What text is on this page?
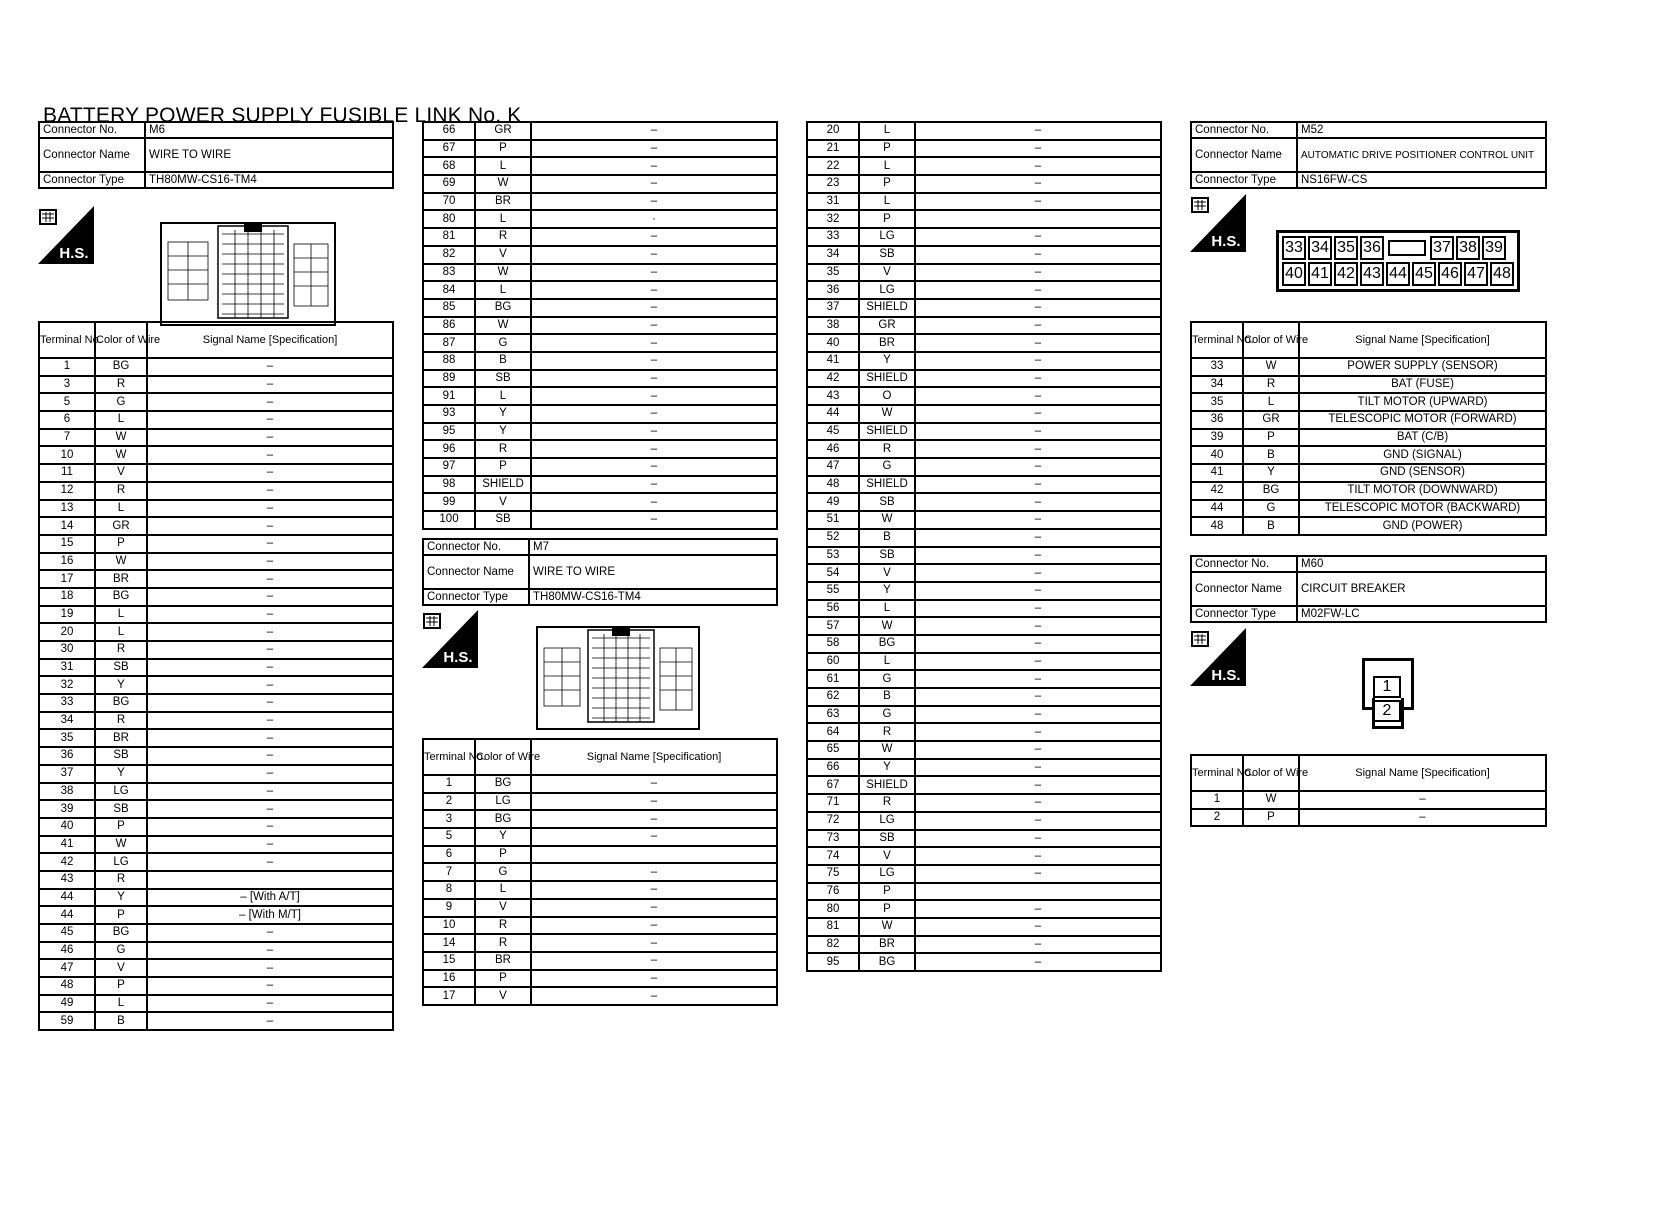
BATTERY POWER SUPPLY FUSIBLE LINK No. K
Connector No.	M6
Connector Name	WIRE TO WIRE
Connector Type	TH80MW-CS16-TM4
H.S.
Terminal No.	Color of Wire	Signal Name [Specification]
1	BG	–
3	R	–
5	G	–
6	L	–
7	W	–
10	W	–
11	V	–
12	R	–
13	L	–
14	GR	–
15	P	–
16	W	–
17	BR	–
18	BG	–
19	L	–
20	L	–
30	R	–
31	SB	–
32	Y	–
33	BG	–
34	R	–
35	BR	–
36	SB	–
37	Y	–
38	LG	–
39	SB	–
40	P	–
41	W	–
42	LG	–
43	R	
44	Y	– [With A/T]
44	P	– [With M/T]
45	BG	–
46	G	–
47	V	–
48	P	–
49	L	–
59	B	–
66	GR	–
67	P	–
68	L	–
69	W	–
70	BR	–
80	L	·
81	R	–
82	V	–
83	W	–
84	L	–
85	BG	–
86	W	–
87	G	–
88	B	–
89	SB	–
91	L	–
93	Y	–
95	Y	–
96	R	–
97	P	–
98	SHIELD	–
99	V	–
100	SB	–
Connector No.	M7
Connector Name	WIRE TO WIRE
Connector Type	TH80MW-CS16-TM4
H.S.
Terminal No.	Color of Wire	Signal Name [Specification]
1	BG	–
2	LG	–
3	BG	–
5	Y	–
6	P	
7	G	–
8	L	–
9	V	–
10	R	–
14	R	–
15	BR	–
16	P	–
17	V	–
20	L	–
21	P	–
22	L	–
23	P	–
31	L	–
32	P	
33	LG	–
34	SB	–
35	V	–
36	LG	–
37	SHIELD	–
38	GR	–
40	BR	–
41	Y	–
42	SHIELD	–
43	O	–
44	W	–
45	SHIELD	–
46	R	–
47	G	–
48	SHIELD	–
49	SB	–
51	W	–
52	B	–
53	SB	–
54	V	–
55	Y	–
56	L	–
57	W	–
58	BG	–
60	L	–
61	G	–
62	B	–
63	G	–
64	R	–
65	W	–
66	Y	–
67	SHIELD	–
71	R	–
72	LG	–
73	SB	–
74	V	–
75	LG	–
76	P	
80	P	–
81	W	–
82	BR	–
95	BG	–
Connector No.	M52
Connector Name	AUTOMATIC DRIVE POSITIONER CONTROL UNIT
Connector Type	NS16FW-CS
H.S.	33 34 35 36	37 38 39
40 41 42 43 44 45 46 47 48
Terminal No.	Color of Wire	Signal Name [Specification]
33	W	POWER SUPPLY (SENSOR)
34	R	BAT (FUSE)
35	L	TILT MOTOR (UPWARD)
36	GR	TELESCOPIC MOTOR (FORWARD)
39	P	BAT (C/B)
40	B	GND (SIGNAL)
41	Y	GND (SENSOR)
42	BG	TILT MOTOR (DOWNWARD)
44	G	TELESCOPIC MOTOR (BACKWARD)
48	B	GND (POWER)
Connector No.	M60
Connector Name	CIRCUIT BREAKER
Connector Type	M02FW-LC
H.S.
1
2
Terminal No.	Color of Wire	Signal Name [Specification]
1	W	–
2	P	–
